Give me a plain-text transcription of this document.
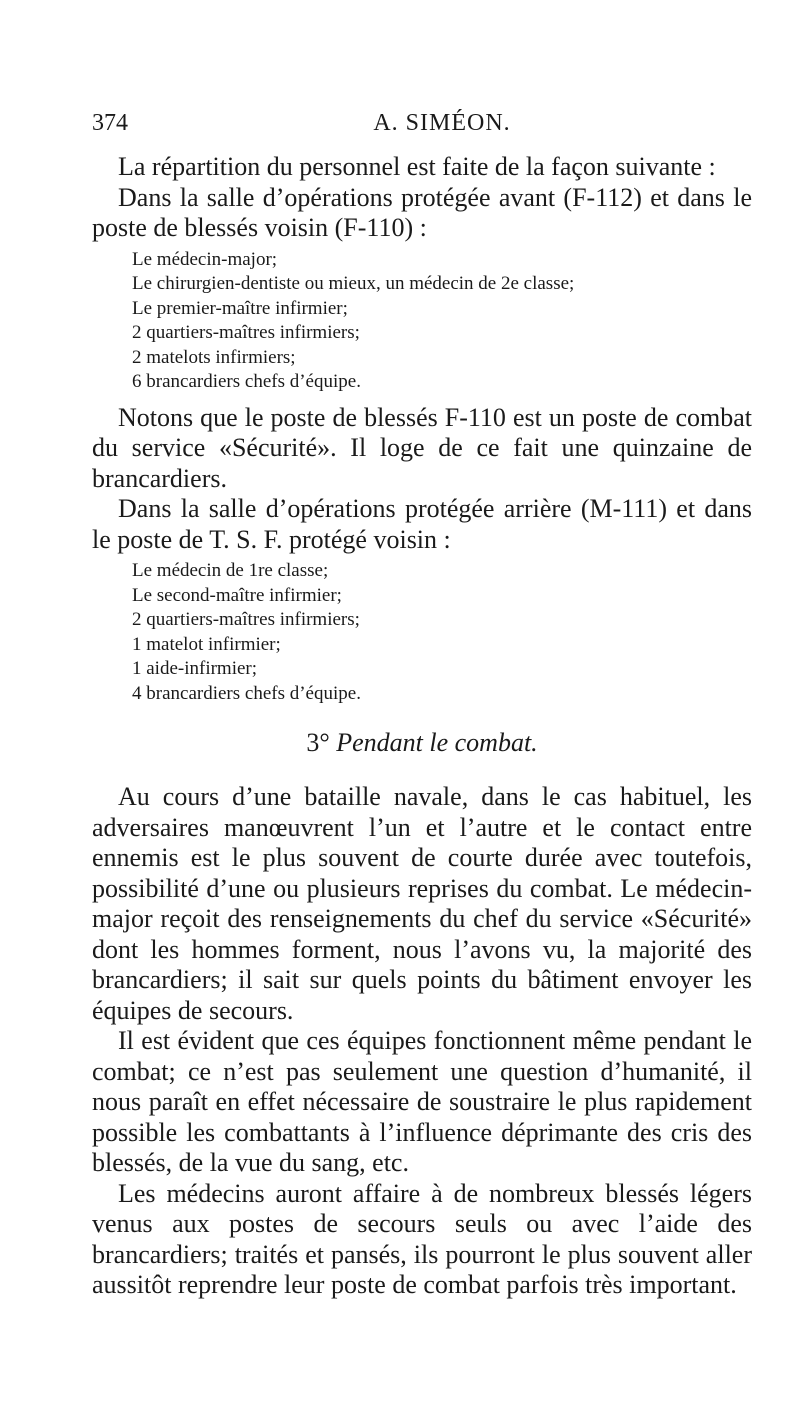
374	A. SIMÉON.

La répartition du personnel est faite de la façon suivante :

Dans la salle d’opérations protégée avant (F-112) et dans le poste de blessés voisin (F-110) :

Le médecin-major;
Le chirurgien-dentiste ou mieux, un médecin de 2e classe;
Le premier-maître infirmier;
2 quartiers-maîtres infirmiers;
2 matelots infirmiers;
6 brancardiers chefs d’équipe.

Notons que le poste de blessés F-110 est un poste de combat du service «Sécurité». Il loge de ce fait une quinzaine de brancardiers.

Dans la salle d’opérations protégée arrière (M-111) et dans le poste de T. S. F. protégé voisin :

Le médecin de 1re classe;
Le second-maître infirmier;
2 quartiers-maîtres infirmiers;
1 matelot infirmier;
1 aide-infirmier;
4 brancardiers chefs d’équipe.
3° Pendant le combat.

Au cours d’une bataille navale, dans le cas habituel, les adversaires manœuvrent l’un et l’autre et le contact entre ennemis est le plus souvent de courte durée avec toutefois, possibilité d’une ou plusieurs reprises du combat. Le médecin-major reçoit des renseignements du chef du service «Sécurité» dont les hommes forment, nous l’avons vu, la majorité des brancardiers; il sait sur quels points du bâtiment envoyer les équipes de secours.

Il est évident que ces équipes fonctionnent même pendant le combat; ce n’est pas seulement une question d’humanité, il nous paraît en effet nécessaire de soustraire le plus rapidement possible les combattants à l’influence déprimante des cris des blessés, de la vue du sang, etc.

Les médecins auront affaire à de nombreux blessés légers venus aux postes de secours seuls ou avec l’aide des brancardiers; traités et pansés, ils pourront le plus souvent aller aussitôt reprendre leur poste de combat parfois très important.
